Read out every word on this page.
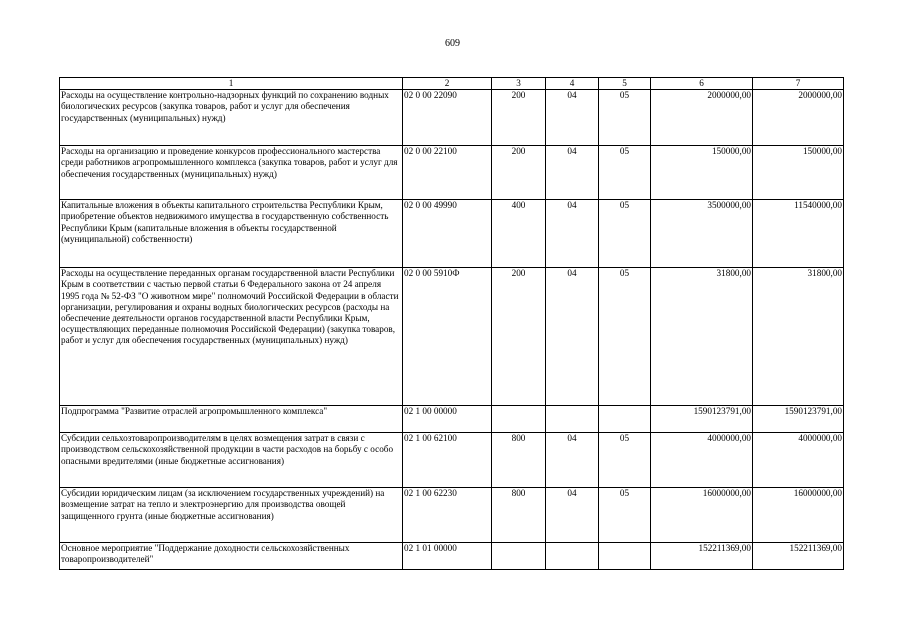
609
1	2	3	4	5	6	7
Расходы на осуществление контрольно-надзорных функций по сохранению водных биологических ресурсов (закупка товаров, работ и услуг для обеспечения государственных (муниципальных) нужд)	02 0 00 22090	200	04	05	2000000,00	2000000,00
Расходы на организацию и проведение конкурсов профессионального мастерства среди работников агропромышленного комплекса (закупка товаров, работ и услуг для обеспечения государственных (муниципальных) нужд)	02 0 00 22100	200	04	05	150000,00	150000,00
Капитальные вложения в объекты капитального строительства Республики Крым, приобретение объектов недвижимого имущества в государственную собственность Республики Крым (капитальные вложения в объекты государственной (муниципальной) собственности)	02 0 00 49990	400	04	05	3500000,00	11540000,00
Расходы на осуществление переданных органам государственной власти Республики Крым в соответствии с частью первой статьи 6 Федерального закона от 24 апреля 1995 года № 52-ФЗ "О животном мире" полномочий Российской Федерации в области организации, регулирования и охраны водных биологических ресурсов (расходы на обеспечение деятельности органов государственной власти Республики Крым, осуществляющих переданные полномочия Российской Федерации) (закупка товаров, работ и услуг для обеспечения государственных (муниципальных) нужд)	02 0 00 5910Ф	200	04	05	31800,00	31800,00
Подпрограмма "Развитие отраслей агропромышленного комплекса"	02 1 00 00000				1590123791,00	1590123791,00
Субсидии сельхозтоваропроизводителям в целях возмещения затрат в связи с производством сельскохозяйственной продукции в части расходов на борьбу с особо опасными вредителями (иные бюджетные ассигнования)	02 1 00 62100	800	04	05	4000000,00	4000000,00
Субсидии юридическим лицам (за исключением государственных учреждений) на возмещение затрат на тепло и электроэнергию для производства овощей защищенного грунта (иные бюджетные ассигнования)	02 1 00 62230	800	04	05	16000000,00	16000000,00
Основное мероприятие "Поддержание доходности сельскохозяйственных товаропроизводителей"	02 1 01 00000				152211369,00	152211369,00
